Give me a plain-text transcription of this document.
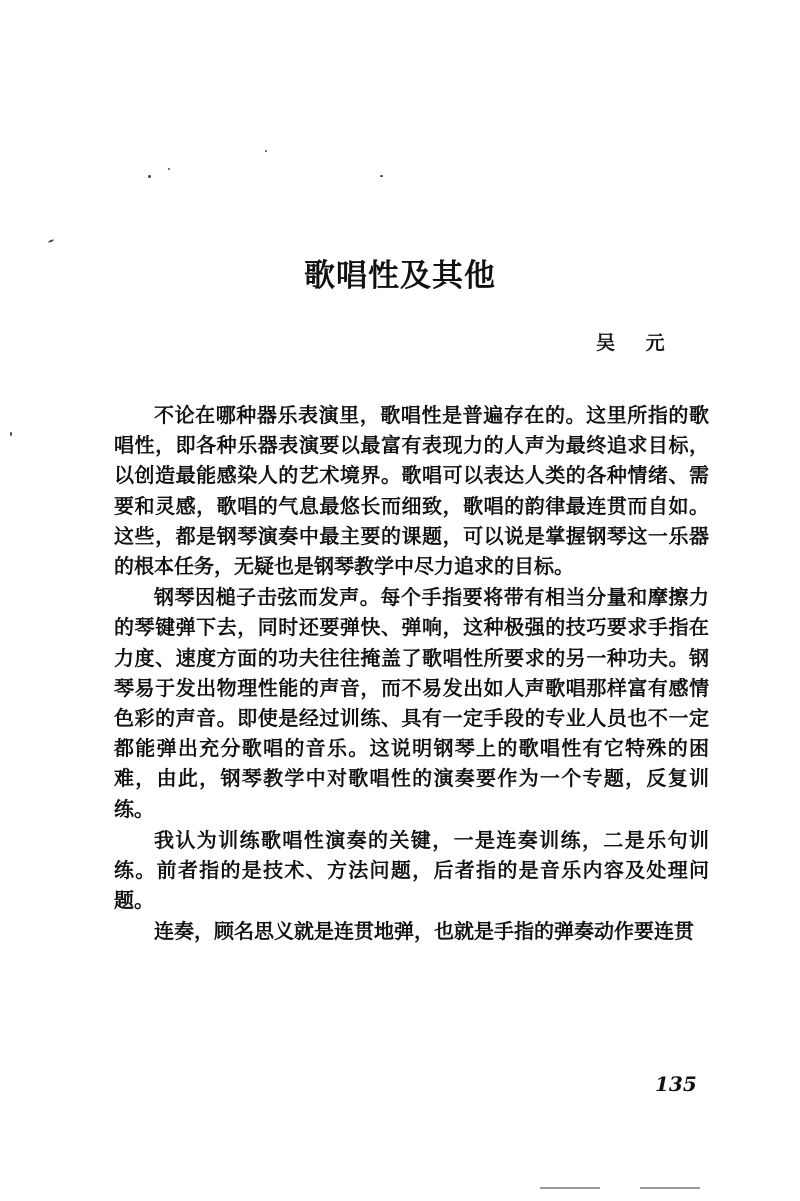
歌唱性及其他

吴 元

不论在哪种器乐表演里，歌唱性是普遍存在的。这里所指的歌唱性，即各种乐器表演要以最富有表现力的人声为最终追求目标，以创造最能感染人的艺术境界。歌唱可以表达人类的各种情绪、需要和灵感，歌唱的气息最悠长而细致，歌唱的韵律最连贯而自如。这些，都是钢琴演奏中最主要的课题，可以说是掌握钢琴这一乐器的根本任务，无疑也是钢琴教学中尽力追求的目标。

钢琴因槌子击弦而发声。每个手指要将带有相当分量和摩擦力的琴键弹下去，同时还要弹快、弹响，这种极强的技巧要求手指在力度、速度方面的功夫往往掩盖了歌唱性所要求的另一种功夫。钢琴易于发出物理性能的声音，而不易发出如人声歌唱那样富有感情色彩的声音。即使是经过训练、具有一定手段的专业人员也不一定都能弹出充分歌唱的音乐。这说明钢琴上的歌唱性有它特殊的困难，由此，钢琴教学中对歌唱性的演奏要作为一个专题，反复训练。

我认为训练歌唱性演奏的关键，一是连奏训练，二是乐句训练。前者指的是技术、方法问题，后者指的是音乐内容及处理问题。

连奏，顾名思义就是连贯地弹，也就是手指的弹奏动作要连贯

135
